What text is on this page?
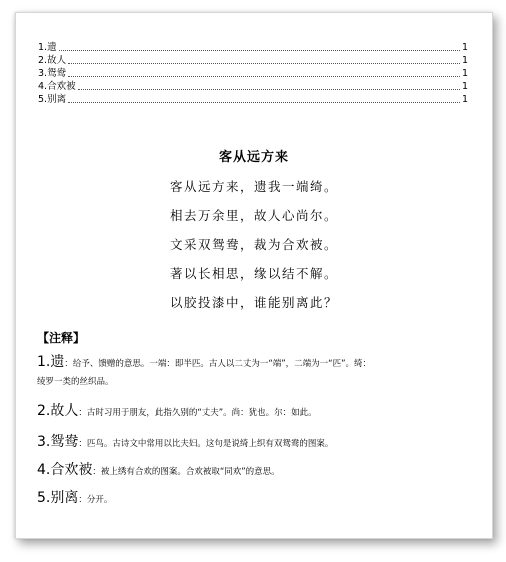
1.遗	1
2.故人	1
3.鸳鸯	1
4.合欢被	1
5.别离	1
客从远方来
客从远方来，遗我一端绮。
相去万余里，故人心尚尔。
文采双鸳鸯，裁为合欢被。
著以长相思，缘以结不解。
以胶投漆中，谁能别离此？
【注释】
1.遗：给予、馈赠的意思。一端：即半匹。古人以二丈为一“端”，二端为一“匹”。绮：
绫罗一类的丝织品。
2.故人：古时习用于朋友，此指久别的“丈夫”。尚：犹也。尔：如此。
3.鸳鸯：匹鸟。古诗文中常用以比夫妇。这句是说绮上织有双鸳鸯的图案。
4.合欢被：被上绣有合欢的图案。合欢被取“同欢”的意思。
5.别离：分开。
